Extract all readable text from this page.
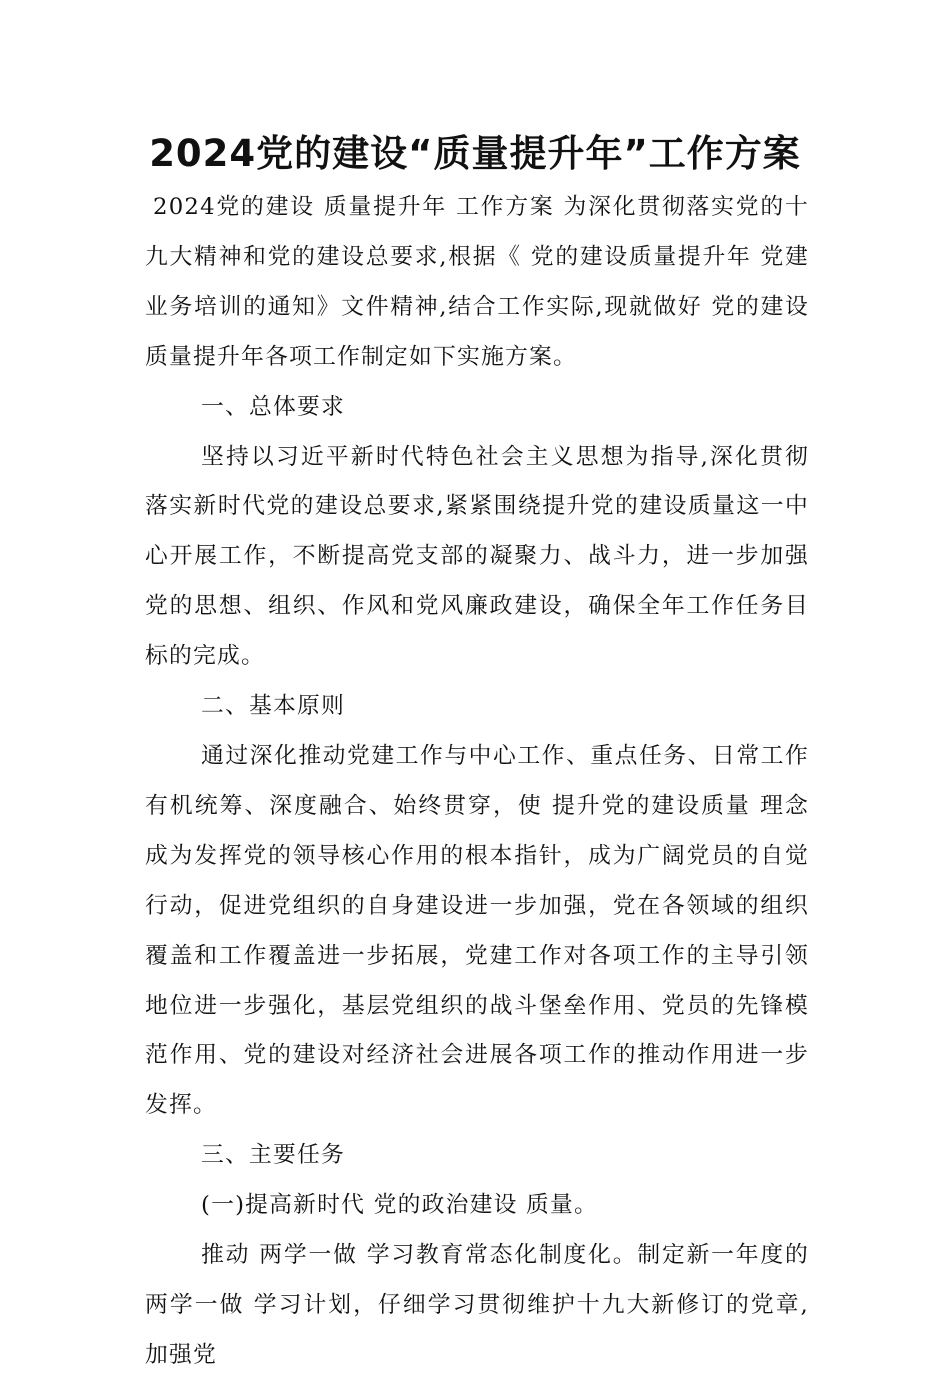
2024党的建设“质量提升年”工作方案

2024党的建设 质量提升年 工作方案 为深化贯彻落实党的十九大精神和党的建设总要求,根据《 党的建设质量提升年 党建业务培训的通知》文件精神,结合工作实际,现就做好 党的建设质量提升年各项工作制定如下实施方案。

一、总体要求

坚持以习近平新时代特色社会主义思想为指导,深化贯彻落实新时代党的建设总要求,紧紧围绕提升党的建设质量这一中心开展工作，不断提高党支部的凝聚力、战斗力，进一步加强党的思想、组织、作风和党风廉政建设，确保全年工作任务目标的完成。

二、基本原则

通过深化推动党建工作与中心工作、重点任务、日常工作有机统筹、深度融合、始终贯穿，使 提升党的建设质量 理念成为发挥党的领导核心作用的根本指针，成为广阔党员的自觉行动，促进党组织的自身建设进一步加强，党在各领域的组织覆盖和工作覆盖进一步拓展，党建工作对各项工作的主导引领地位进一步强化，基层党组织的战斗堡垒作用、党员的先锋模范作用、党的建设对经济社会进展各项工作的推动作用进一步发挥。

三、主要任务

(一)提高新时代 党的政治建设 质量。

推动 两学一做 学习教育常态化制度化。制定新一年度的 两学一做 学习计划，仔细学习贯彻维护十九大新修订的党章,加强党
